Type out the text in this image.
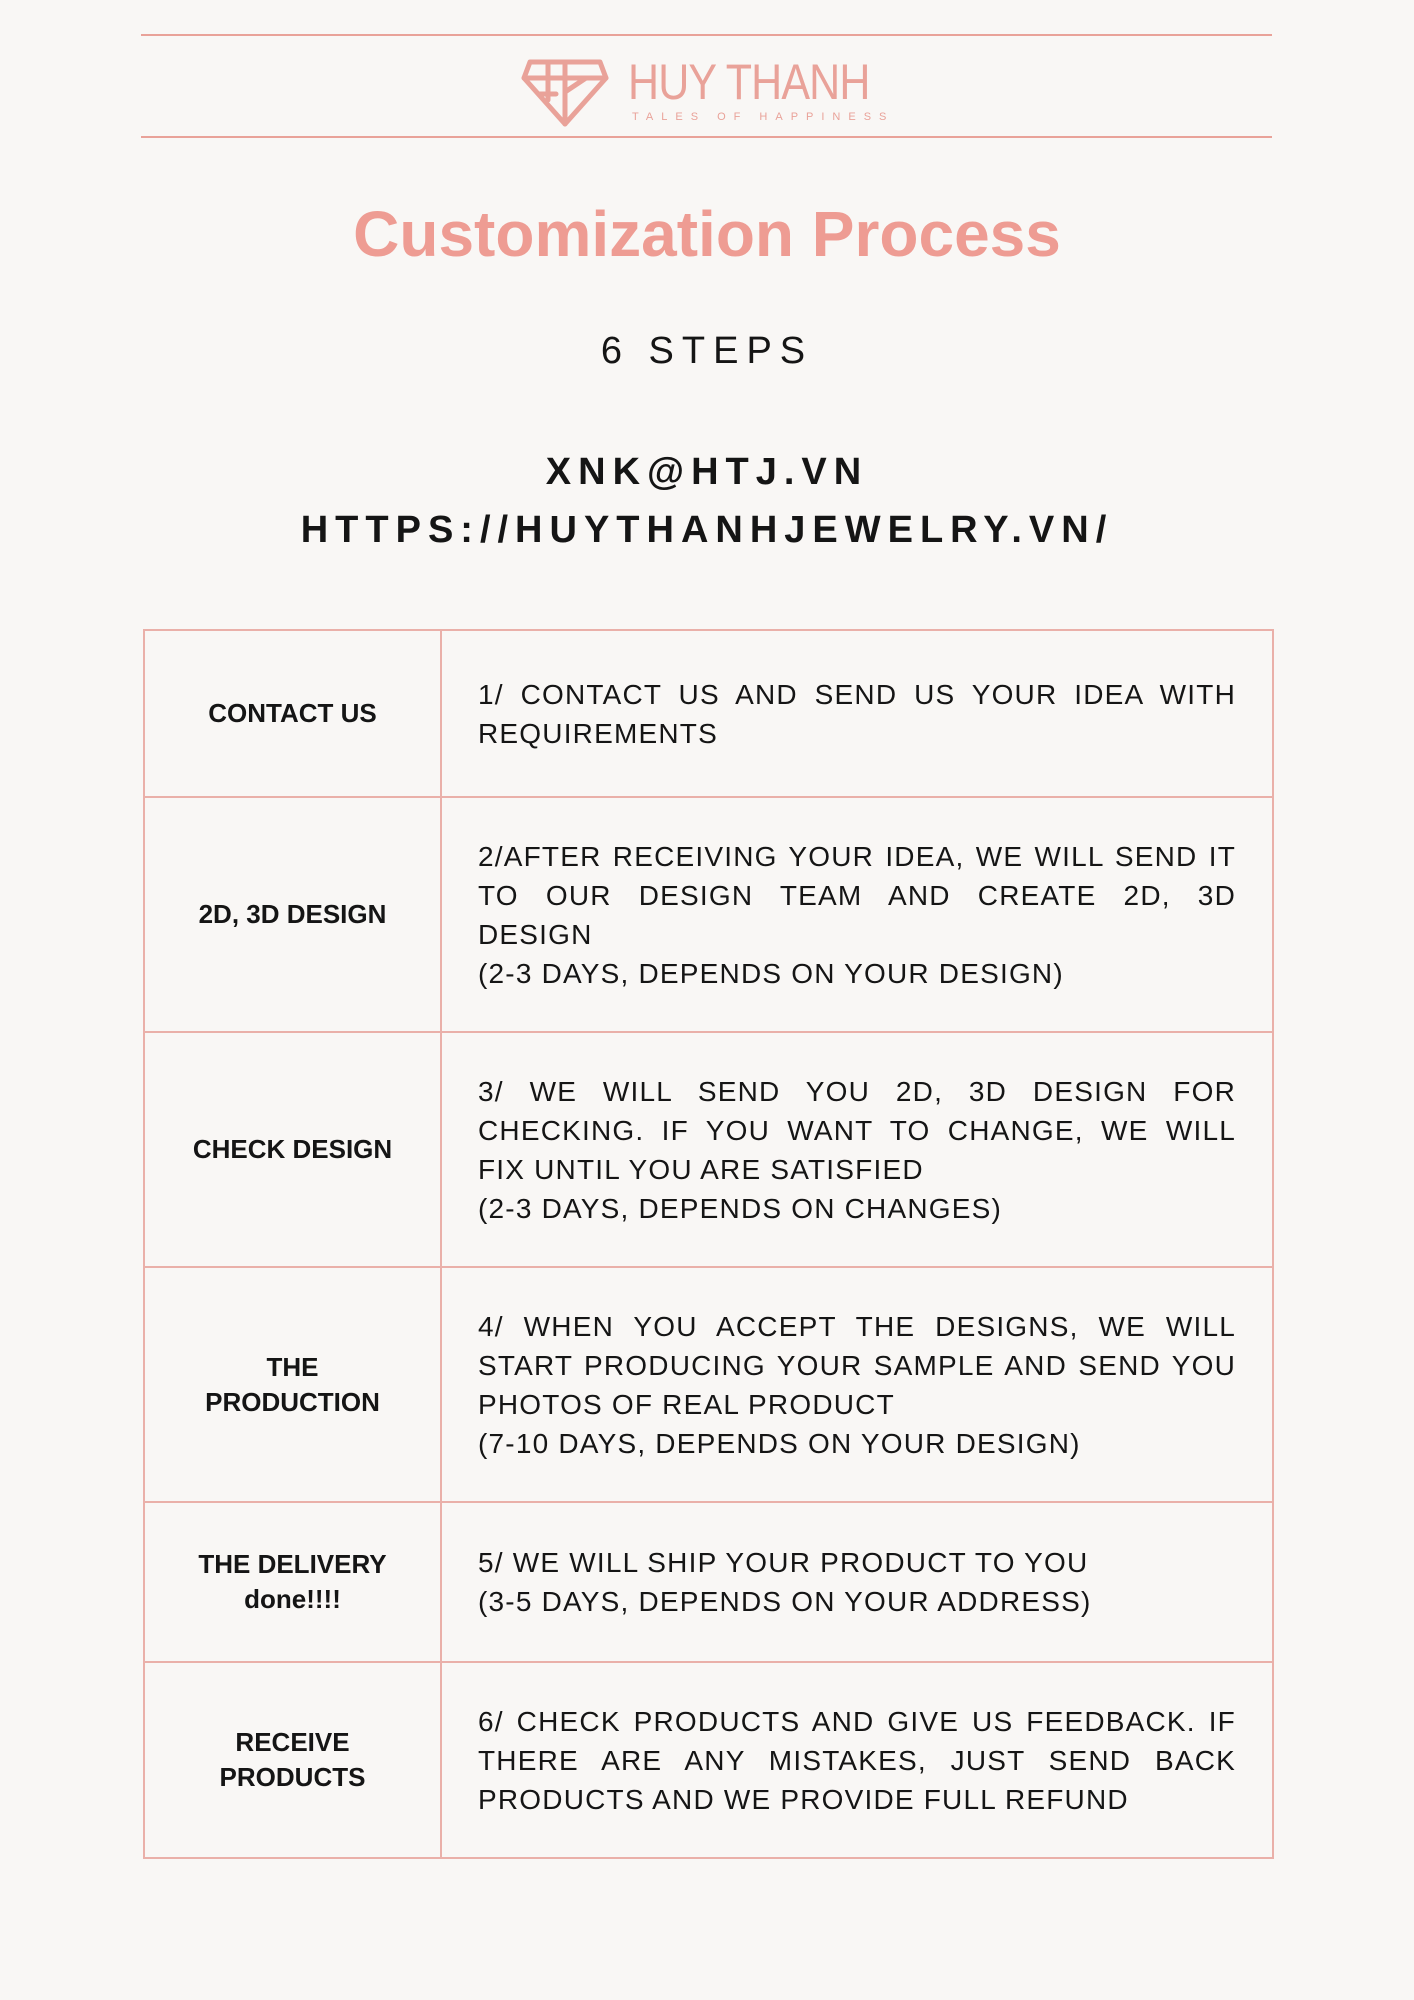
HUY THANH
TALES OF HAPPINESS
Customization Process
6 STEPS
XNK@HTJ.VN
HTTPS://HUYTHANHJEWELRY.VN/
CONTACT US	1/ CONTACT US AND SEND US YOUR IDEA WITH
REQUIREMENTS

2D, 3D DESIGN	2/AFTER RECEIVING YOUR IDEA, WE WILL SEND IT
TO OUR DESIGN TEAM AND CREATE 2D, 3D
DESIGN
(2-3 DAYS, DEPENDS ON YOUR DESIGN)

CHECK DESIGN	3/ WE WILL SEND YOU 2D, 3D DESIGN FOR
CHECKING. IF YOU WANT TO CHANGE, WE WILL
FIX UNTIL YOU ARE SATISFIED
(2-3 DAYS, DEPENDS ON CHANGES)

THE
PRODUCTION	4/ WHEN YOU ACCEPT THE DESIGNS, WE WILL
START PRODUCING YOUR SAMPLE AND SEND YOU
PHOTOS OF REAL PRODUCT
(7-10 DAYS, DEPENDS ON YOUR DESIGN)

THE DELIVERY
done!!!!	5/ WE WILL SHIP YOUR PRODUCT TO YOU
(3-5 DAYS, DEPENDS ON YOUR ADDRESS)

RECEIVE
PRODUCTS	6/ CHECK PRODUCTS AND GIVE US FEEDBACK. IF
THERE ARE ANY MISTAKES, JUST SEND BACK
PRODUCTS AND WE PROVIDE FULL REFUND
